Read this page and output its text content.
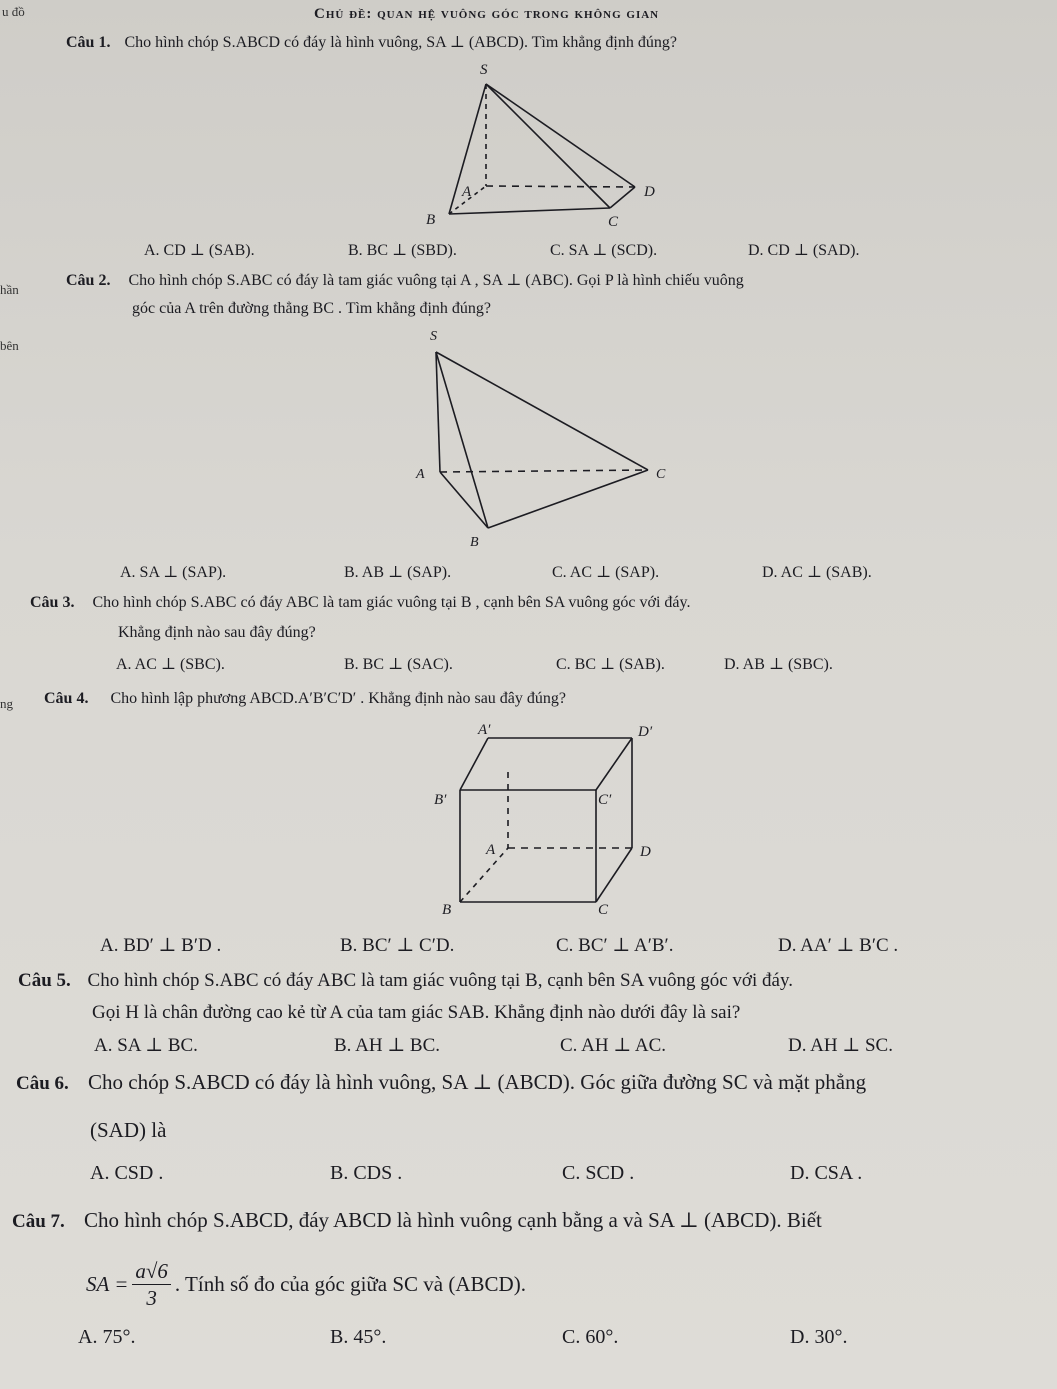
u đồ
hần
bên
ng
Chủ đề: quan hệ vuông góc trong không gian
Câu 1. Cho hình chóp S.ABCD có đáy là hình vuông, SA ⊥ (ABCD). Tìm khẳng định đúng?
S
A	D
B	C
A. CD ⊥ (SAB).	B. BC ⊥ (SBD).	C. SA ⊥ (SCD).	D. CD ⊥ (SAD).
Câu 2. Cho hình chóp S.ABC có đáy là tam giác vuông tại A , SA ⊥ (ABC). Gọi P là hình chiếu vuông
góc của A trên đường thẳng BC . Tìm khẳng định đúng?
S
A	C
B
A. SA ⊥ (SAP).	B. AB ⊥ (SAP).	C. AC ⊥ (SAP).	D. AC ⊥ (SAB).
Câu 3. Cho hình chóp S.ABC có đáy ABC là tam giác vuông tại B , cạnh bên SA vuông góc với đáy.
Khẳng định nào sau đây đúng?
A. AC ⊥ (SBC).	B. BC ⊥ (SAC).	C. BC ⊥ (SAB).	D. AB ⊥ (SBC).
Câu 4. Cho hình lập phương ABCD.A′B′C′D′ . Khẳng định nào sau đây đúng?
A′	D′
B′	C′
A	D
B	C
A. BD′ ⊥ B′D .	B. BC′ ⊥ C′D.	C. BC′ ⊥ A′B′.	D. AA′ ⊥ B′C .
Câu 5. Cho hình chóp S.ABC có đáy ABC là tam giác vuông tại B, cạnh bên SA vuông góc với đáy.
Gọi H là chân đường cao kẻ từ A của tam giác SAB. Khẳng định nào dưới đây là sai?
A. SA ⊥ BC.	B. AH ⊥ BC.	C. AH ⊥ AC.	D. AH ⊥ SC.
Câu 6. Cho chóp S.ABCD có đáy là hình vuông, SA ⊥ (ABCD). Góc giữa đường SC và mặt phẳng
(SAD) là
A. CSD .	B. CDS .	C. SCD .	D. CSA .
Câu 7. Cho hình chóp S.ABCD, đáy ABCD là hình vuông cạnh bằng a và SA ⊥ (ABCD). Biết
SA = $\frac{a√6}{3}$ . Tính số đo của góc giữa SC và (ABCD).
A. 75°.	B. 45°.	C. 60°.	D. 30°.
